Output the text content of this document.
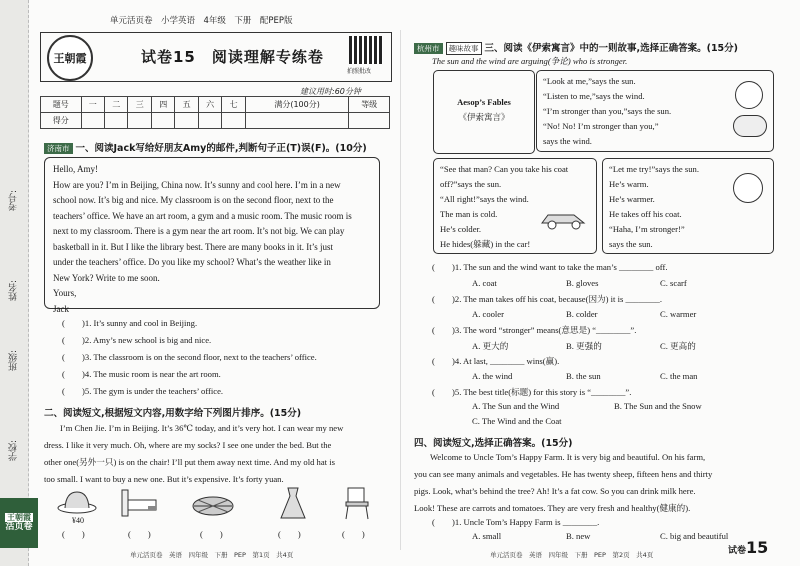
考号:
姓名:
班级:
学校:
王朝霞
活页卷
单元活页卷　小学英语　4年级　下册　配PEP版
王朝霞	试卷15　阅读理解专练卷
拍照批改
建议用时:60分钟
题号	一	二	三	四	五	六	七	满分(100分)	等级
得分									
济南市 一、阅读Jack写给好朋友Amy的邮件,判断句子正(T)误(F)。(10分)
Hello, Amy!
How are you? I’m in Beijing, China now. It’s sunny and cool here. I’m in a new
school now. It’s big and nice. My classroom is on the second floor, next to the
teachers’ office. We have an art room, a gym and a music room. The music room is
next to my classroom. There is a gym near the art room. It’s not big. We can play
basketball in it. But I like the library best. There are many books in it. It’s just
under the teachers’ office. Do you like my school? What’s the weather like in
New York? Write to me soon.
Yours,
Jack
(　　)1. It’s sunny and cool in Beijing.
(　　)2. Amy’s new school is big and nice.
(　　)3. The classroom is on the second floor, next to the teachers’ office.
(　　)4. The music room is near the art room.
(　　)5. The gym is under the teachers’ office.
二、阅读短文,根据短文内容,用数字给下列图片排序。(15分)
I’m Chen Jie. I’m in Beijing. It’s 36℃ today, and it’s very hot. I can wear my new
dress. I like it very much. Oh, where are my socks? I see one under the bed. But the
other one(另外一只) is on the chair! I’ll put them away next time. And my old hat is
too small. I want to buy a new one. But it’s expensive. It’s forty yuan.
¥40
(　　)	(　　)	(　　)	(　　)	(　　)
单元活页卷　英语　四年级　下册　PEP　第1页　共4页
杭州市 趣味故事 三、阅读《伊索寓言》中的一则故事,选择正确答案。(15分)
The sun and the wind are arguing(争论) who is stronger.
Aesop’s Fables
《伊索寓言》
“Look at me,”says the sun.
“Listen to me,”says the wind.
“I’m stronger than you,”says the sun.
“No! No! I’m stronger than you,”
says the wind.
“See that man? Can you take his coat
off?”says the sun.
“All right!”says the wind.
The man is cold.
He’s colder.
He hides(躲藏) in the car!
“Let me try!”says the sun.
He’s warm.
He’s warmer.
He takes off his coat.
“Haha, I’m stronger!”
says the sun.
(　　)1. The sun and the wind want to take the man’s ________ off.
A. coat	B. gloves	C. scarf
(　　)2. The man takes off his coat, because(因为) it is ________.
A. cooler	B. colder	C. warmer
(　　)3. The word “stronger” means(意思是) “________”.
A. 更大的	B. 更强的	C. 更高的
(　　)4. At last, ________ wins(赢).
A. the wind	B. the sun	C. the man
(　　)5. The best title(标题) for this story is “________”.
A. The Sun and the Wind	B. The Sun and the Snow
C. The Wind and the Coat
四、阅读短文,选择正确答案。(15分)
Welcome to Uncle Tom’s Happy Farm. It is very big and beautiful. On his farm,
you can see many animals and vegetables. He has twenty sheep, fifteen hens and thirty
pigs. Look, what’s behind the tree? Ah! It’s a fat cow. So you can drink milk here.
Look! These are carrots and tomatoes. They are very fresh and healthy(健康的).
(　　)1. Uncle Tom’s Happy Farm is ________.
A. small	B. new	C. big and beautiful
单元活页卷　英语　四年级　下册　PEP　第2页　共4页	试卷15
